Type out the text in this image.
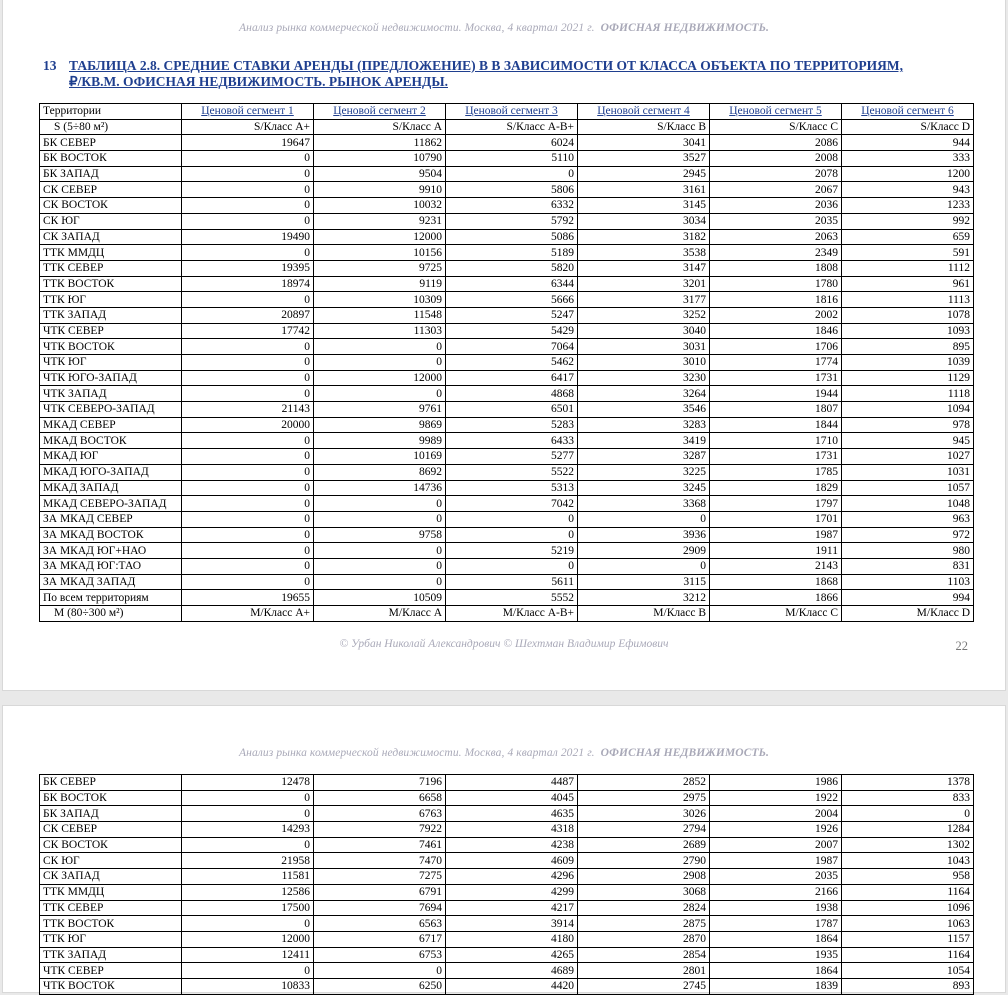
Анализ рынка коммерческой недвижимости. Москва, 4 квартал 2021 г. ОФИСНАЯ НЕДВИЖИМОСТЬ.
13 ТАБЛИЦА 2.8. СРЕДНИЕ СТАВКИ АРЕНДЫ (ПРЕДЛОЖЕНИЕ) В В ЗАВИСИМОСТИ ОТ КЛАССА ОБЪЕКТА ПО ТЕРРИТОРИЯМ,
₽/КВ.М. ОФИСНАЯ НЕДВИЖИМОСТЬ. РЫНОК АРЕНДЫ.
Территории	Ценовой сегмент 1	Ценовой сегмент 2	Ценовой сегмент 3	Ценовой сегмент 4	Ценовой сегмент 5	Ценовой сегмент 6
S (5÷80 м²)	S/Класс А+	S/Класс А	S/Класс А-В+	S/Класс В	S/Класс С	S/Класс D
БК СЕВЕР	19647	11862	6024	3041	2086	944
БК ВОСТОК	0	10790	5110	3527	2008	333
БК ЗАПАД	0	9504	0	2945	2078	1200
СК СЕВЕР	0	9910	5806	3161	2067	943
СК ВОСТОК	0	10032	6332	3145	2036	1233
СК ЮГ	0	9231	5792	3034	2035	992
СК ЗАПАД	19490	12000	5086	3182	2063	659
ТТК ММДЦ	0	10156	5189	3538	2349	591
ТТК СЕВЕР	19395	9725	5820	3147	1808	1112
ТТК ВОСТОК	18974	9119	6344	3201	1780	961
ТТК ЮГ	0	10309	5666	3177	1816	1113
ТТК ЗАПАД	20897	11548	5247	3252	2002	1078
ЧТК СЕВЕР	17742	11303	5429	3040	1846	1093
ЧТК ВОСТОК	0	0	7064	3031	1706	895
ЧТК ЮГ	0	0	5462	3010	1774	1039
ЧТК ЮГО-ЗАПАД	0	12000	6417	3230	1731	1129
ЧТК ЗАПАД	0	0	4868	3264	1944	1118
ЧТК СЕВЕРО-ЗАПАД	21143	9761	6501	3546	1807	1094
МКАД СЕВЕР	20000	9869	5283	3283	1844	978
МКАД ВОСТОК	0	9989	6433	3419	1710	945
МКАД ЮГ	0	10169	5277	3287	1731	1027
МКАД ЮГО-ЗАПАД	0	8692	5522	3225	1785	1031
МКАД ЗАПАД	0	14736	5313	3245	1829	1057
МКАД СЕВЕРО-ЗАПАД	0	0	7042	3368	1797	1048
ЗА МКАД СЕВЕР	0	0	0	0	1701	963
ЗА МКАД ВОСТОК	0	9758	0	3936	1987	972
ЗА МКАД ЮГ+НАО	0	0	5219	2909	1911	980
ЗА МКАД ЮГ:ТАО	0	0	0	0	2143	831
ЗА МКАД ЗАПАД	0	0	5611	3115	1868	1103
По всем территориям	19655	10509	5552	3212	1866	994
М (80÷300 м²)	М/Класс А+	М/Класс А	М/Класс А-В+	М/Класс В	М/Класс С	М/Класс D
© Урбан Николай Александрович © Шехтман Владимир Ефимович	22
Анализ рынка коммерческой недвижимости. Москва, 4 квартал 2021 г. ОФИСНАЯ НЕДВИЖИМОСТЬ.
БК СЕВЕР	12478	7196	4487	2852	1986	1378
БК ВОСТОК	0	6658	4045	2975	1922	833
БК ЗАПАД	0	6763	4635	3026	2004	0
СК СЕВЕР	14293	7922	4318	2794	1926	1284
СК ВОСТОК	0	7461	4238	2689	2007	1302
СК ЮГ	21958	7470	4609	2790	1987	1043
СК ЗАПАД	11581	7275	4296	2908	2035	958
ТТК ММДЦ	12586	6791	4299	3068	2166	1164
ТТК СЕВЕР	17500	7694	4217	2824	1938	1096
ТТК ВОСТОК	0	6563	3914	2875	1787	1063
ТТК ЮГ	12000	6717	4180	2870	1864	1157
ТТК ЗАПАД	12411	6753	4265	2854	1935	1164
ЧТК СЕВЕР	0	0	4689	2801	1864	1054
ЧТК ВОСТОК	10833	6250	4420	2745	1839	893
